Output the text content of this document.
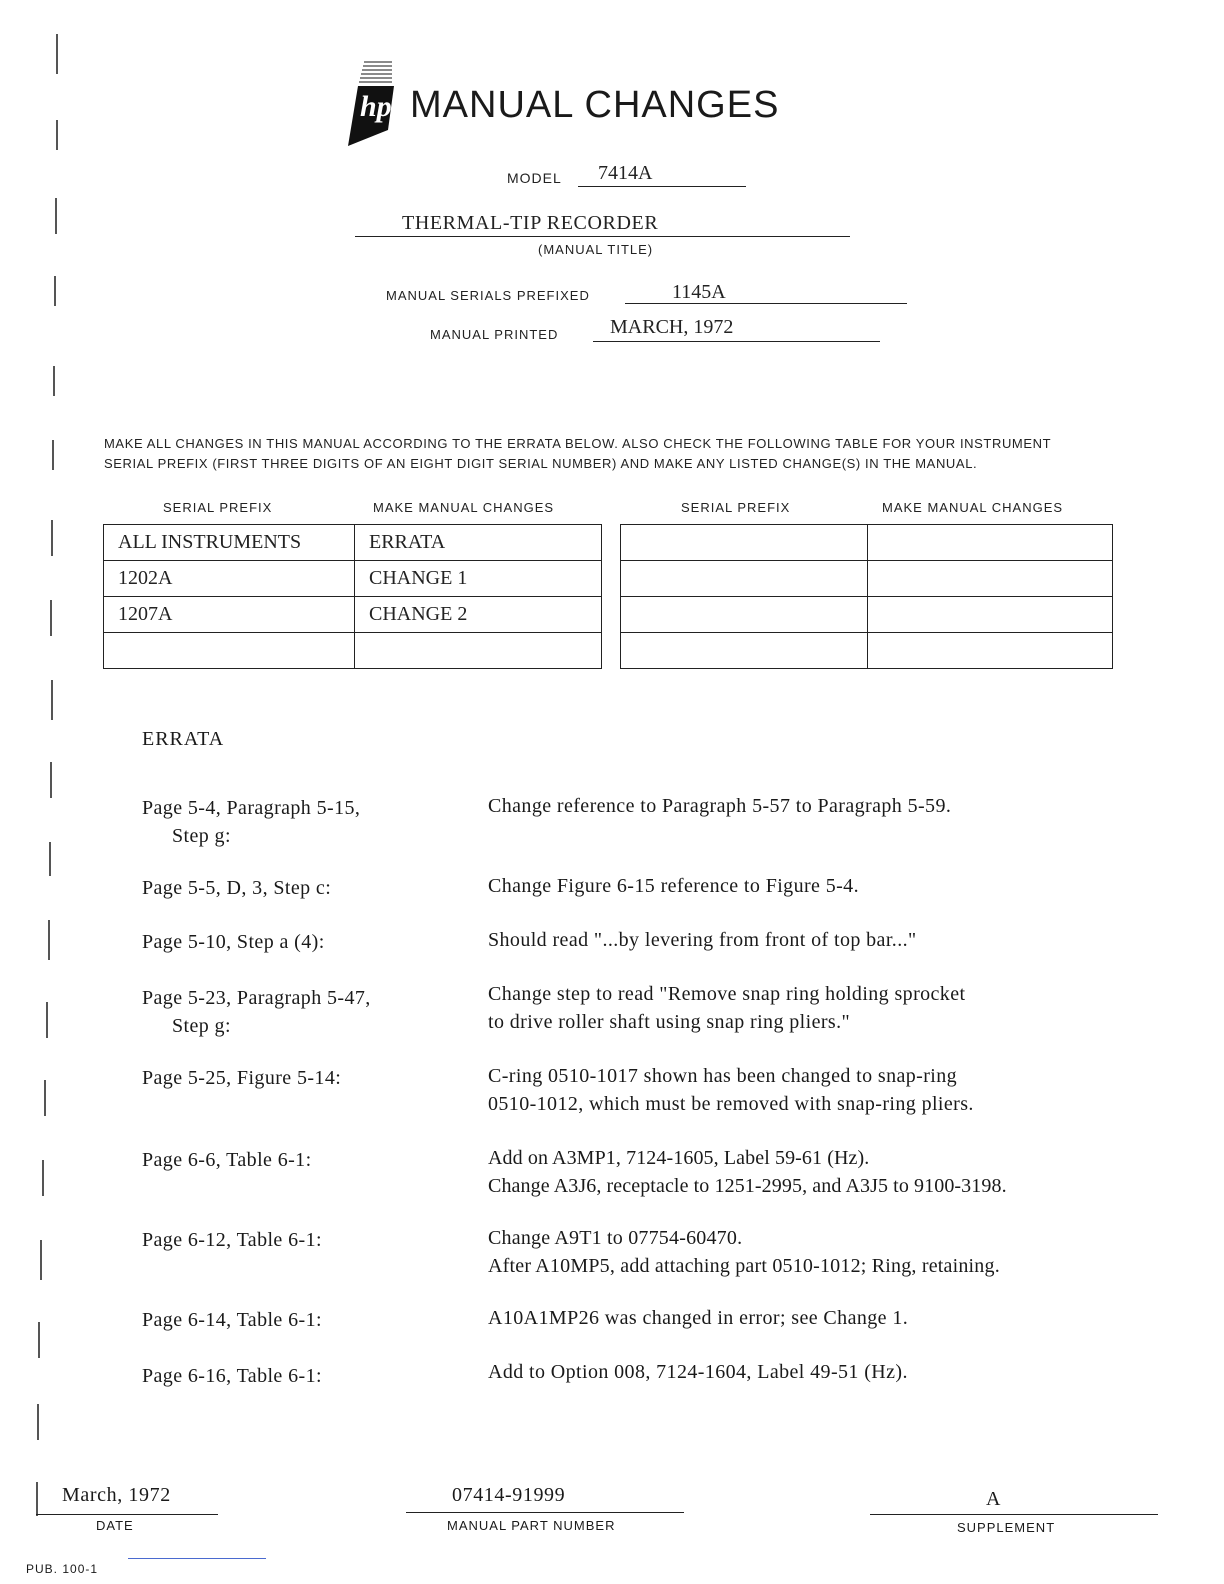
hp MANUAL CHANGES
MODEL 7414A
THERMAL-TIP RECORDER
(MANUAL TITLE)
MANUAL SERIALS PREFIXED	1145A
MANUAL PRINTED	MARCH, 1972
MAKE ALL CHANGES IN THIS MANUAL ACCORDING TO THE ERRATA BELOW. ALSO CHECK THE FOLLOWING TABLE FOR YOUR INSTRUMENT SERIAL PREFIX (FIRST THREE DIGITS OF AN EIGHT DIGIT SERIAL NUMBER) AND MAKE ANY LISTED CHANGE(S) IN THE MANUAL.
SERIAL PREFIX	MAKE MANUAL CHANGES	SERIAL PREFIX	MAKE MANUAL CHANGES
ALL INSTRUMENTS	ERRATA
1202A	CHANGE 1
1207A	CHANGE 2

ERRATA
Page 5-4, Paragraph 5-15,
Step g:
Change reference to Paragraph 5-57 to Paragraph 5-59.
Page 5-5, D, 3, Step c:	Change Figure 6-15 reference to Figure 5-4.
Page 5-10, Step a (4):	Should read "...by levering from front of top bar..."
Page 5-23, Paragraph 5-47,
Step g:
Change step to read "Remove snap ring holding sprocket
to drive roller shaft using snap ring pliers."
Page 5-25, Figure 5-14:	C-ring 0510-1017 shown has been changed to snap-ring
0510-1012, which must be removed with snap-ring pliers.
Page 6-6, Table 6-1:	Add on A3MP1, 7124-1605, Label 59-61 (Hz).
Change A3J6, receptacle to 1251-2995, and A3J5 to 9100-3198.
Page 6-12, Table 6-1:	Change A9T1 to 07754-60470.
After A10MP5, add attaching part 0510-1012; Ring, retaining.
Page 6-14, Table 6-1:	A10A1MP26 was changed in error; see Change 1.
Page 6-16, Table 6-1:	Add to Option 008, 7124-1604, Label 49-51 (Hz).
March, 1972
DATE
07414-91999
MANUAL PART NUMBER
A
SUPPLEMENT
PUB. 100-1
